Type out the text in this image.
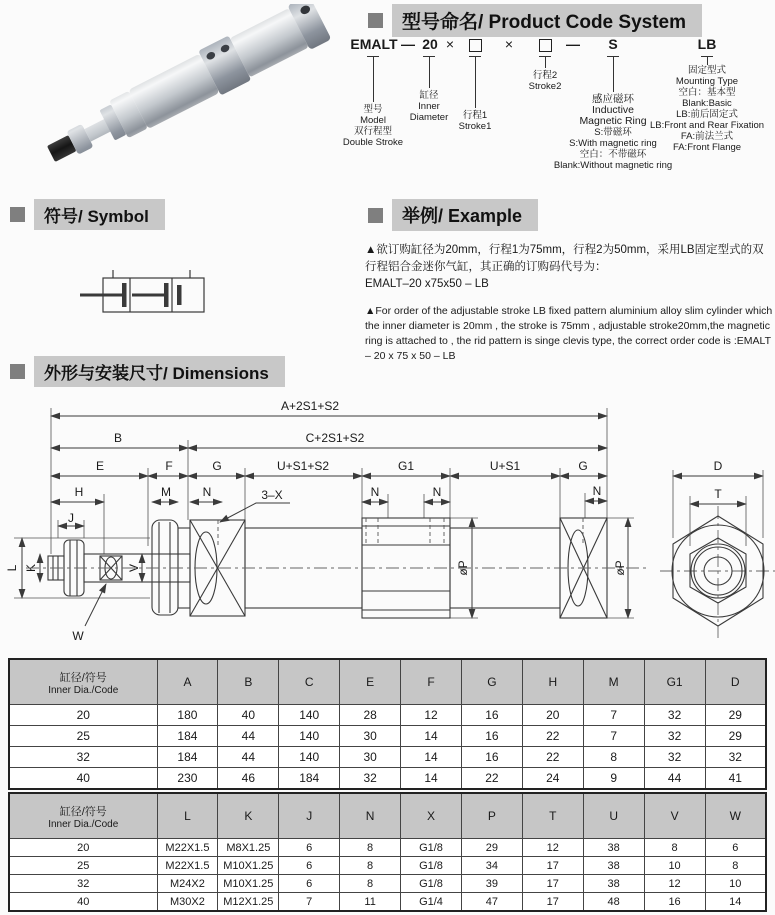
型号命名/ Product Code System
符号/ Symbol	举例/ Example
外形与安装尺寸/ Dimensions
EMALT — 20 ×	×	—	S	LB
型号
Model
双行程型
Double Stroke
缸径
Inner
Diameter	行程1
Stroke1
行程2
Stroke2
感应磁环
Inductive
Magnetic Ring
S:带磁环
S:With magnetic ring
空白：不带磁环
Blank:Without magnetic ring
固定型式
Mounting Type
空白：基本型
Blank:Basic
LB:前后固定式
LB:Front and Rear Fixation
FA:前法兰式
FA:Front Flange
▲欲订购缸径为20mm，行程1为75mm，行程2为50mm，采用LB固定型式的双行程铝合金迷你气缸，其正确的订购码代号为：
EMALT–20 x75x50 – LB
▲For order of the adjustable stroke LB fixed pattern aluminium alloy slim cylinder which the inner diameter is 20mm , the stroke is 75mm , adjustable stroke20mm,the magnetic ring is attached to , the rid pattern is singe clevis type, the correct order code is :EMALT – 20 x 75 x 50 – LB
A+2S1+S2
B	C+2S1+S2
E	F	G	U+S1+S2	G1	U+S1	G
H	M	N	N	N	N
3–X
J
L K	V
W
øP	øP
D
T
缸径/符号
Inner Dia./Code	A	B	C	E	F	G	H	M	G1	D
20	180	40	140	28	12	16	20	7	32	29
25	184	44	140	30	14	16	22	7	32	29
32	184	44	140	30	14	16	22	8	32	32
40	230	46	184	32	14	22	24	9	44	41
缸径/符号
Inner Dia./Code	L	K	J	N	X	P	T	U	V	W
20	M22X1.5	M8X1.25	6	8	G1/8	29	12	38	8	6
25	M22X1.5	M10X1.25	6	8	G1/8	34	17	38	10	8
32	M24X2	M10X1.25	6	8	G1/8	39	17	38	12	10
40	M30X2	M12X1.25	7	11	G1/4	47	17	48	16	14
